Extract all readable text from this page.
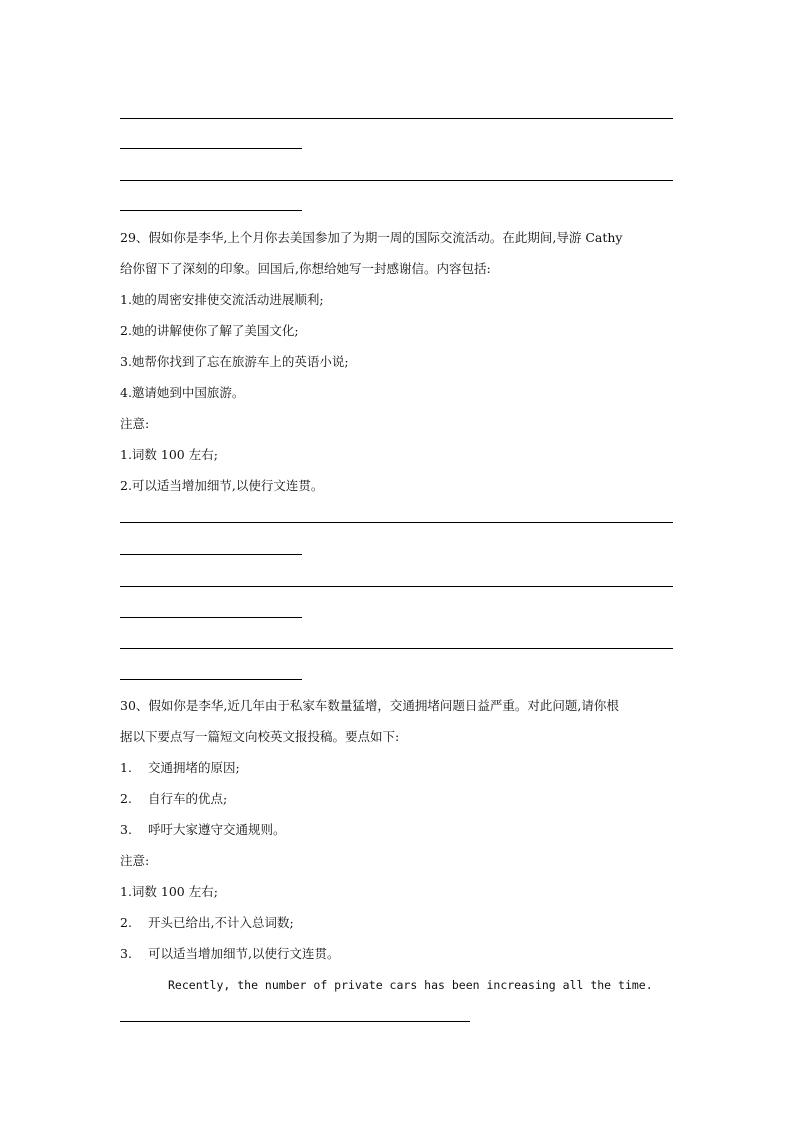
29、假如你是李华,上个月你去美国参加了为期一周的国际交流活动。在此期间,导游 Cathy
给你留下了深刻的印象。回国后,你想给她写一封感谢信。内容包括:
1.她的周密安排使交流活动进展顺利;
2.她的讲解使你了解了美国文化;
3.她帮你找到了忘在旅游车上的英语小说;
4.邀请她到中国旅游。
注意:
1.词数 100 左右;
2.可以适当增加细节,以使行文连贯。
30、假如你是李华,近几年由于私家车数量猛增，交通拥堵问题日益严重。对此问题,请你根
据以下要点写一篇短文向校英文报投稿。要点如下:
1. 交通拥堵的原因;
2. 自行车的优点;
3. 呼吁大家遵守交通规则。
注意:
1.词数 100 左右;
2. 开头已给出,不计入总词数;
3. 可以适当增加细节,以使行文连贯。
Recently, the number of private cars has been increasing all the time.
